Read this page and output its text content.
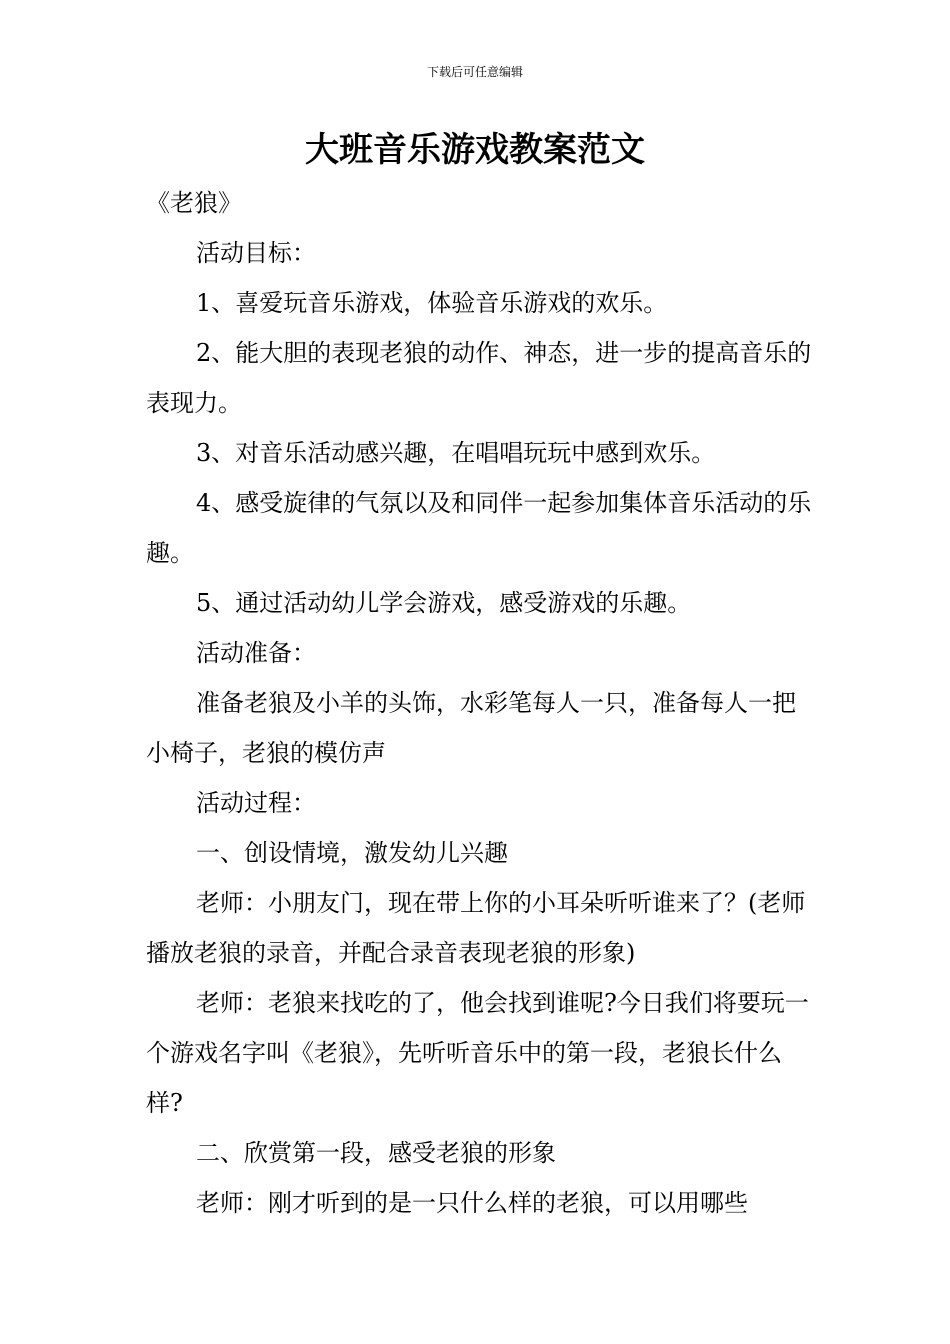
下载后可任意编辑
大班音乐游戏教案范文

《老狼》

活动目标：

1、喜爱玩音乐游戏，体验音乐游戏的欢乐。

2、能大胆的表现老狼的动作、神态，进一步的提高音乐的表现力。

3、对音乐活动感兴趣，在唱唱玩玩中感到欢乐。

4、感受旋律的气氛以及和同伴一起参加集体音乐活动的乐趣。

5、通过活动幼儿学会游戏，感受游戏的乐趣。

活动准备：

准备老狼及小羊的头饰，水彩笔每人一只，准备每人一把小椅子，老狼的模仿声

活动过程：

一、创设情境，激发幼儿兴趣

老师：小朋友门，现在带上你的小耳朵听听谁来了？(老师播放老狼的录音，并配合录音表现老狼的形象)

老师：老狼来找吃的了，他会找到谁呢?今日我们将要玩一个游戏名字叫《老狼》，先听听音乐中的第一段，老狼长什么样?

二、欣赏第一段，感受老狼的形象

老师：刚才听到的是一只什么样的老狼，可以用哪些
